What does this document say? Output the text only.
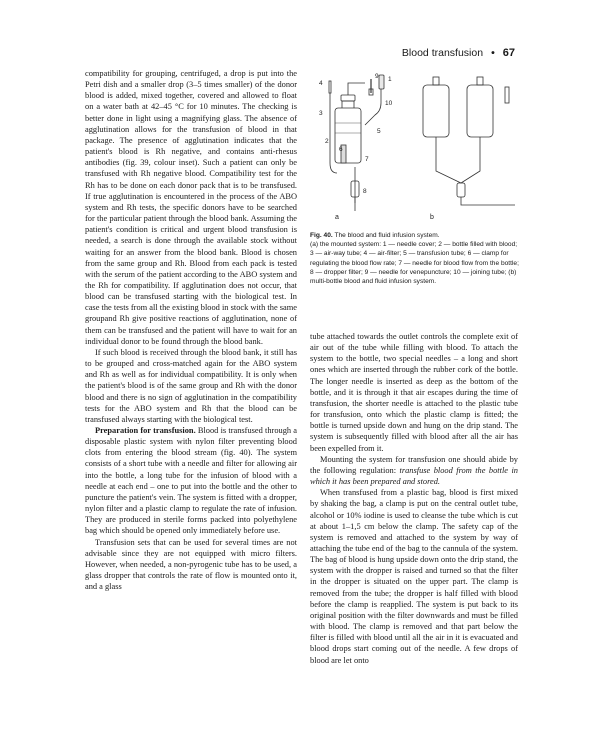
Blood transfusion • 67

compatibility for grouping, centrifuged, a drop is put into the Petri dish and a smaller drop (3–5 times smaller) of the donor blood is added, mixed together, covered and allowed to float on a water bath at 42–45 °C for 10 minutes. The checking is better done in light using a magnifying glass. The absence of agglutination allows for the transfusion of blood in that package. The presence of agglutination indicates that the patient's blood is Rh negative, and contains anti-rhesus antibodies (fig. 39, colour inset). Such a patient can only be transfused with Rh negative blood. Compatibility test for the Rh has to be done on each donor pack that is to be transfused. If true agglutination is encountered in the process of the ABO system and Rh tests, the specific donors have to be searched for the particular patient through the blood bank. Assuming the patient's condition is critical and urgent blood transfusion is needed, a search is done through the available stock without waiting for an answer from the blood bank. Blood is chosen from the same group and Rh. Blood from each pack is tested with the serum of the patient according to the ABO system and the Rh for compatibility. If agglutination does not occur, that blood can be transfused starting with the biological test. In case the tests from all the existing blood in stock with the same groupand Rh give positive reactions of agglutination, none of them can be transfused and the patient will have to wait for an individual donor to be found through the blood bank.

If such blood is received through the blood bank, it still has to be grouped and cross-matched again for the ABO system and Rh as well as for individual compatibility. It is only when the patient's blood is of the same group and Rh with the donor blood and there is no sign of agglutination in the compatibility tests for the ABO system and Rh that the blood can be transfused always starting with the biological test.

Preparation for transfusion. Blood is transfused through a disposable plastic system with nylon filter preventing blood clots from entering the blood stream (fig. 40). The system consists of a short tube with a needle and filter for allowing air into the bottle, a long tube for the infusion of blood with a needle at each end – one to put into the bottle and the other to puncture the patient's vein. The system is fitted with a dropper, nylon filter and a plastic clamp to regulate the rate of infusion. They are produced in sterile forms packed into polyethylene bag which should be opened only immediately before use.

Transfusion sets that can be used for several times are not advisable since they are not equipped with micro filters. However, when needed, a non-pyrogenic tube has to be used, a glass dropper that controls the rate of flow is mounted onto it, and a glass

4
3
2
1
6
7
8
9
10
5
a	b
Fig. 40. The blood and fluid infusion system.
(a) the mounted system: 1 — needle cover; 2 — bottle filled with blood; 3 — air-way tube; 4 — air-filter; 5 — transfusion tube; 6 — clamp for regulating the blood flow rate; 7 — needle for blood flow from the bottle; 8 — dropper filter; 9 — needle for venepuncture; 10 — joining tube; (b) multi-bottle blood and fluid infusion system.

tube attached towards the outlet controls the complete exit of air out of the tube while filling with blood. To attach the system to the bottle, two special needles – a long and short ones which are inserted through the rubber cork of the bottle. The longer needle is inserted as deep as the bottom of the bottle, and it is through it that air escapes during the time of transfusion, the shorter needle is attached to the plastic tube for transfusion, onto which the plastic clamp is fitted; the bottle is turned upside down and hung on the drip stand. The system is subsequently filled with blood after all the air has been expelled from it.

Mounting the system for transfusion one should abide by the following regulation: transfuse blood from the bottle in which it has been prepared and stored.

When transfused from a plastic bag, blood is first mixed by shaking the bag, a clamp is put on the central outlet tube, alcohol or 10% iodine is used to cleanse the tube which is cut at about 1–1,5 cm below the clamp. The safety cap of the system is removed and attached to the system by way of attaching the tube end of the bag to the cannula of the system. The bag of blood is hung upside down onto the drip stand, the system with the dropper is raised and turned so that the filter in the dropper is situated on the upper part. The clamp is removed from the tube; the dropper is half filled with blood before the clamp is reapplied. The system is put back to its original position with the filter downwards and must be filled with blood. The clamp is removed and that part below the filter is filled with blood until all the air in it is evacuated and blood drops start coming out of the needle. A few drops of blood are let onto
